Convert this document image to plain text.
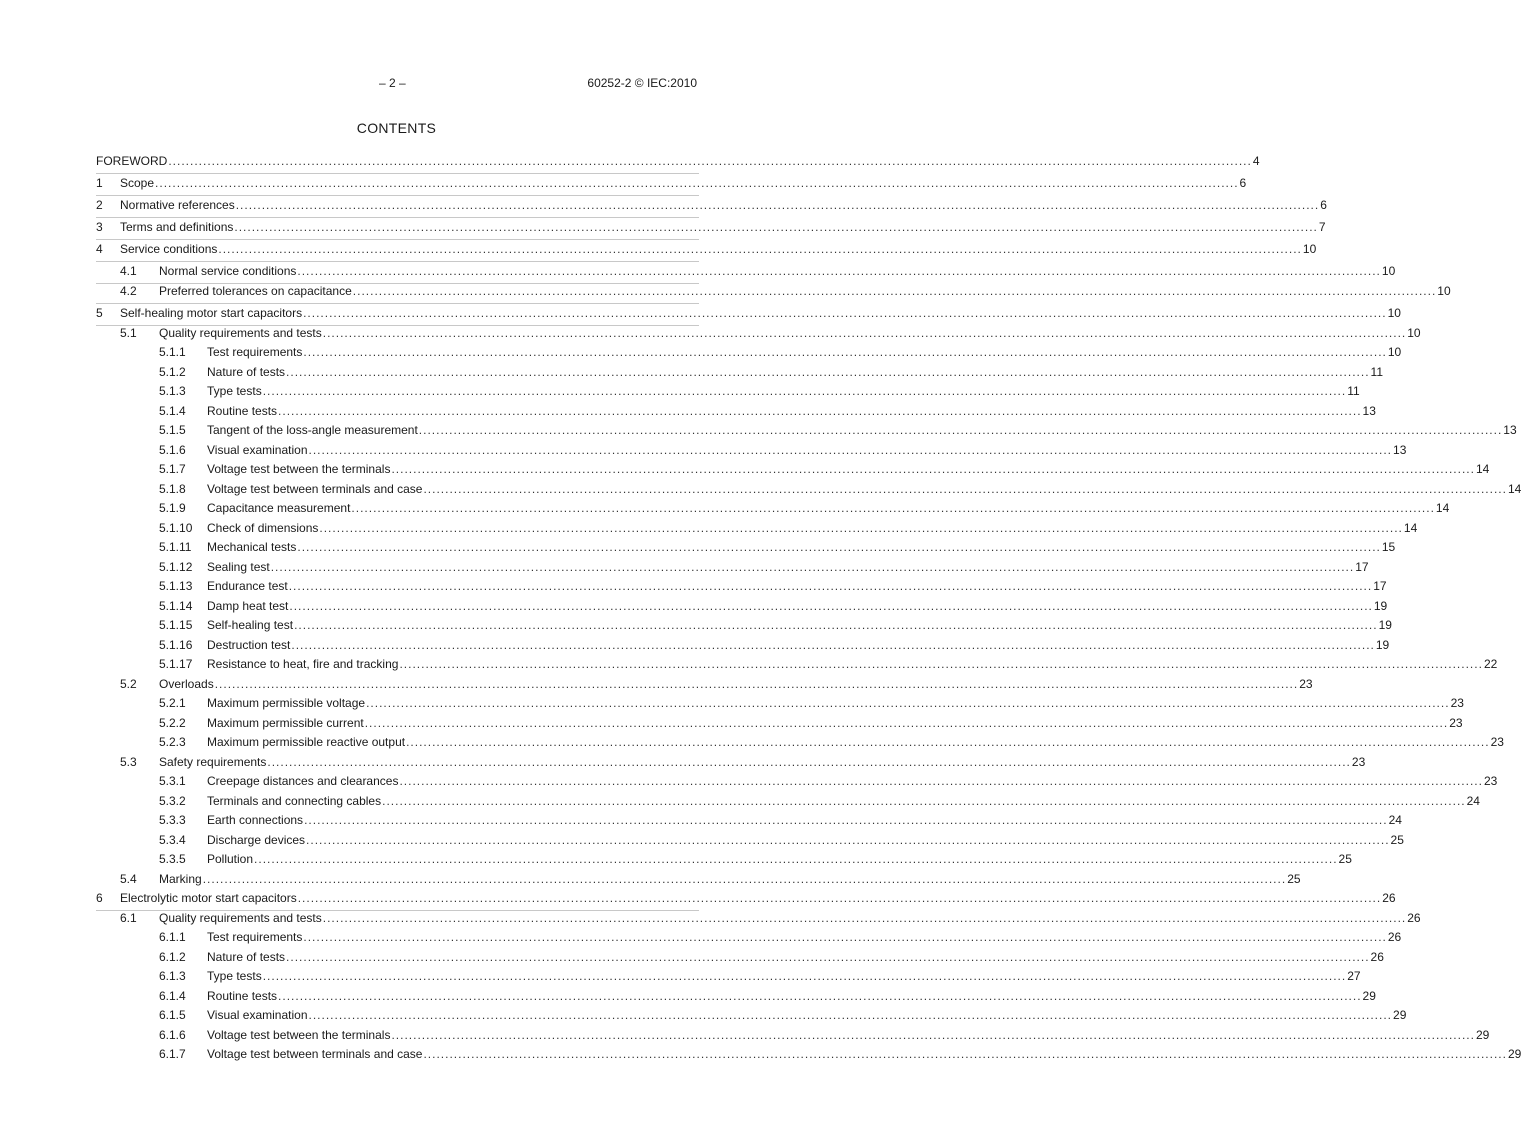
– 2 –	60252-2 © IEC:2010
CONTENTS
FOREWORD .......................................................................................................................................................................................................................................................... 4
1	Scope .......................................................................................................................................................................................................................................................... 6
2	Normative references .......................................................................................................................................................................................................................................................... 6
3	Terms and definitions .......................................................................................................................................................................................................................................................... 7
4	Service conditions .......................................................................................................................................................................................................................................................... 10
4.1	Normal service conditions .......................................................................................................................................................................................................................................................... 10
4.2	Preferred tolerances on capacitance .......................................................................................................................................................................................................................................................... 10
5	Self-healing motor start capacitors .......................................................................................................................................................................................................................................................... 10
5.1	Quality requirements and tests .......................................................................................................................................................................................................................................................... 10
5.1.1	Test requirements .......................................................................................................................................................................................................................................................... 10
5.1.2	Nature of tests .......................................................................................................................................................................................................................................................... 11
5.1.3	Type tests .......................................................................................................................................................................................................................................................... 11
5.1.4	Routine tests .......................................................................................................................................................................................................................................................... 13
5.1.5	Tangent of the loss-angle measurement .......................................................................................................................................................................................................................................................... 13
5.1.6	Visual examination .......................................................................................................................................................................................................................................................... 13
5.1.7	Voltage test between the terminals .......................................................................................................................................................................................................................................................... 14
5.1.8	Voltage test between terminals and case .......................................................................................................................................................................................................................................................... 14
5.1.9	Capacitance measurement .......................................................................................................................................................................................................................................................... 14
5.1.10	Check of dimensions .......................................................................................................................................................................................................................................................... 14
5.1.11	Mechanical tests .......................................................................................................................................................................................................................................................... 15
5.1.12	Sealing test .......................................................................................................................................................................................................................................................... 17
5.1.13	Endurance test .......................................................................................................................................................................................................................................................... 17
5.1.14	Damp heat test .......................................................................................................................................................................................................................................................... 19
5.1.15	Self-healing test .......................................................................................................................................................................................................................................................... 19
5.1.16	Destruction test .......................................................................................................................................................................................................................................................... 19
5.1.17	Resistance to heat, fire and tracking .......................................................................................................................................................................................................................................................... 22
5.2	Overloads .......................................................................................................................................................................................................................................................... 23
5.2.1	Maximum permissible voltage .......................................................................................................................................................................................................................................................... 23
5.2.2	Maximum permissible current .......................................................................................................................................................................................................................................................... 23
5.2.3	Maximum permissible reactive output .......................................................................................................................................................................................................................................................... 23
5.3	Safety requirements .......................................................................................................................................................................................................................................................... 23
5.3.1	Creepage distances and clearances .......................................................................................................................................................................................................................................................... 23
5.3.2	Terminals and connecting cables .......................................................................................................................................................................................................................................................... 24
5.3.3	Earth connections .......................................................................................................................................................................................................................................................... 24
5.3.4	Discharge devices .......................................................................................................................................................................................................................................................... 25
5.3.5	Pollution .......................................................................................................................................................................................................................................................... 25
5.4	Marking .......................................................................................................................................................................................................................................................... 25
6	Electrolytic motor start capacitors .......................................................................................................................................................................................................................................................... 26
6.1	Quality requirements and tests .......................................................................................................................................................................................................................................................... 26
6.1.1	Test requirements .......................................................................................................................................................................................................................................................... 26
6.1.2	Nature of tests .......................................................................................................................................................................................................................................................... 26
6.1.3	Type tests .......................................................................................................................................................................................................................................................... 27
6.1.4	Routine tests .......................................................................................................................................................................................................................................................... 29
6.1.5	Visual examination .......................................................................................................................................................................................................................................................... 29
6.1.6	Voltage test between the terminals .......................................................................................................................................................................................................................................................... 29
6.1.7	Voltage test between terminals and case .......................................................................................................................................................................................................................................................... 29
